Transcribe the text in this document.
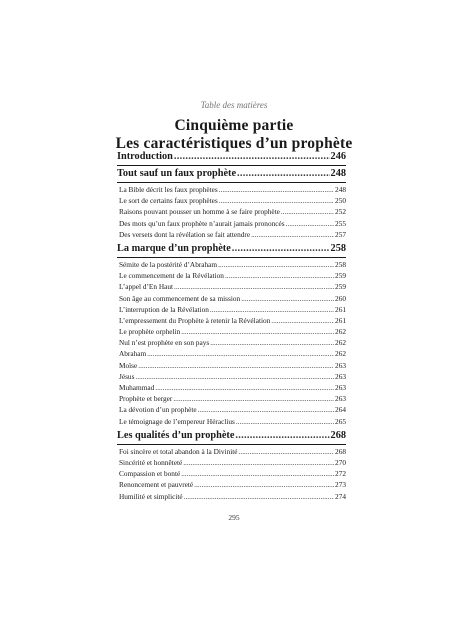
Table des matières
Cinquième partie
Les caractéristiques d’un prophète
Introduction .....	246
Tout sauf un faux prophète .....	248
La Bible décrit les faux prophètes .....	248
Le sort de certains faux prophètes .....	250
Raisons pouvant pousser un homme à se faire prophète .....	252
Des mots qu’un faux prophète n’aurait jamais prononcés .....	255
Des versets dont la révélation se fait attendre .....	257
La marque d’un prophète .....	258
Sémite de la postérité d’Abraham .....	258
Le commencement de la Révélation .....	259
L’appel d’En Haut .....	259
Son âge au commencement de sa mission .....	260
L’interruption de la Révélation .....	261
L’empressement du Prophète à retenir la Révélation .....	261
Le prophète orphelin .....	262
Nul n’est prophète en son pays .....	262
Abraham .....	262
Moïse .....	263
Jésus .....	263
Muhammad .....	263
Prophète et berger .....	263
La dévotion d’un prophète .....	264
Le témoignage de l’empereur Héraclius .....	265
Les qualités d’un prophète .....	268
Foi sincère et total abandon à la Divinité .....	268
Sincérité et honnêteté .....	270
Compassion et bonté .....	272
Renoncement et pauvreté .....	273
Humilité et simplicité .....	274
295
